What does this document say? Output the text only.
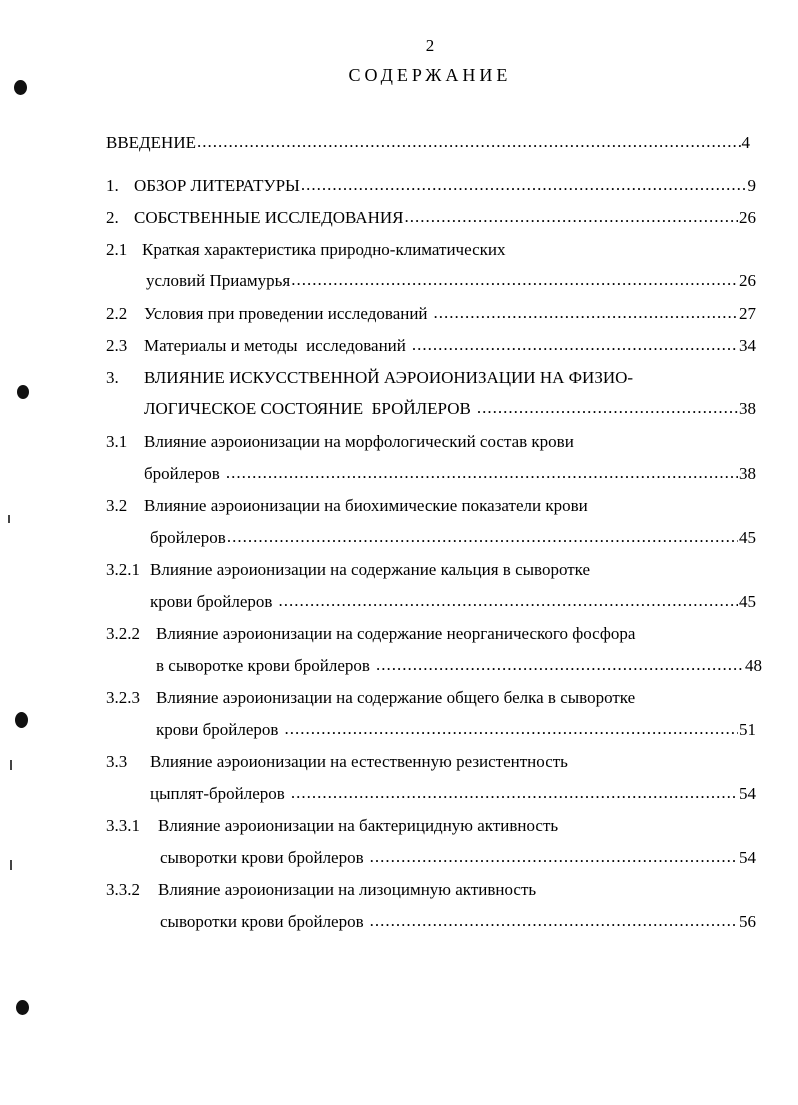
2
СОДЕРЖАНИЕ
ВВЕДЕНИЕ .....	4
1. ОБЗОР ЛИТЕРАТУРЫ .....	9
2. СОБСТВЕННЫЕ ИССЛЕДОВАНИЯ .....	26
2.1 Краткая характеристика природно-климатических
условий Приамурья .....	26
2.2 Условия при проведении исследований .....	27
2.3 Материалы и методы  исследований .....	34
3. ВЛИЯНИЕ ИСКУССТВЕННОЙ АЭРОИОНИЗАЦИИ НА ФИЗИО-
ЛОГИЧЕСКОЕ СОСТОЯНИЕ  БРОЙЛЕРОВ .....	38
3.1 Влияние аэроионизации на морфологический состав крови
бройлеров .....	38
3.2 Влияние аэроионизации на биохимические показатели крови
бройлеров .....	45
3.2.1 Влияние аэроионизации на содержание кальция в сыворотке
крови бройлеров .....	45
3.2.2 Влияние аэроионизации на содержание неорганического фосфора
в сыворотке крови бройлеров .....	48
3.2.3 Влияние аэроионизации на содержание общего белка в сыворотке
крови бройлеров .....	51
3.3 Влияние аэроионизации на естественную резистентность
цыплят-бройлеров .....	54
3.3.1 Влияние аэроионизации на бактерицидную активность
сыворотки крови бройлеров .....	54
3.3.2 Влияние аэроионизации на лизоцимную активность
сыворотки крови бройлеров .....	56
